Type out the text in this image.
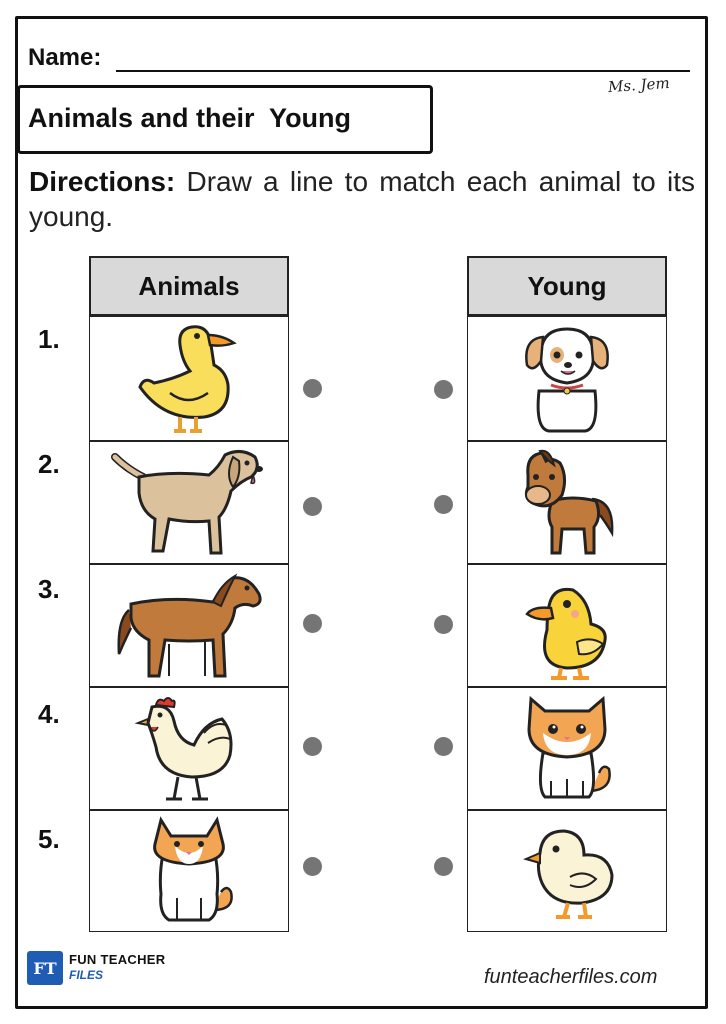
Name:
Ms. Jem
Animals and their  Young
Directions: Draw a line to match each animal to its young.
Animals	Young
1.
2.
3.
4.
5.
FT FUN TEACHER
FILES	funteacherfiles.com
